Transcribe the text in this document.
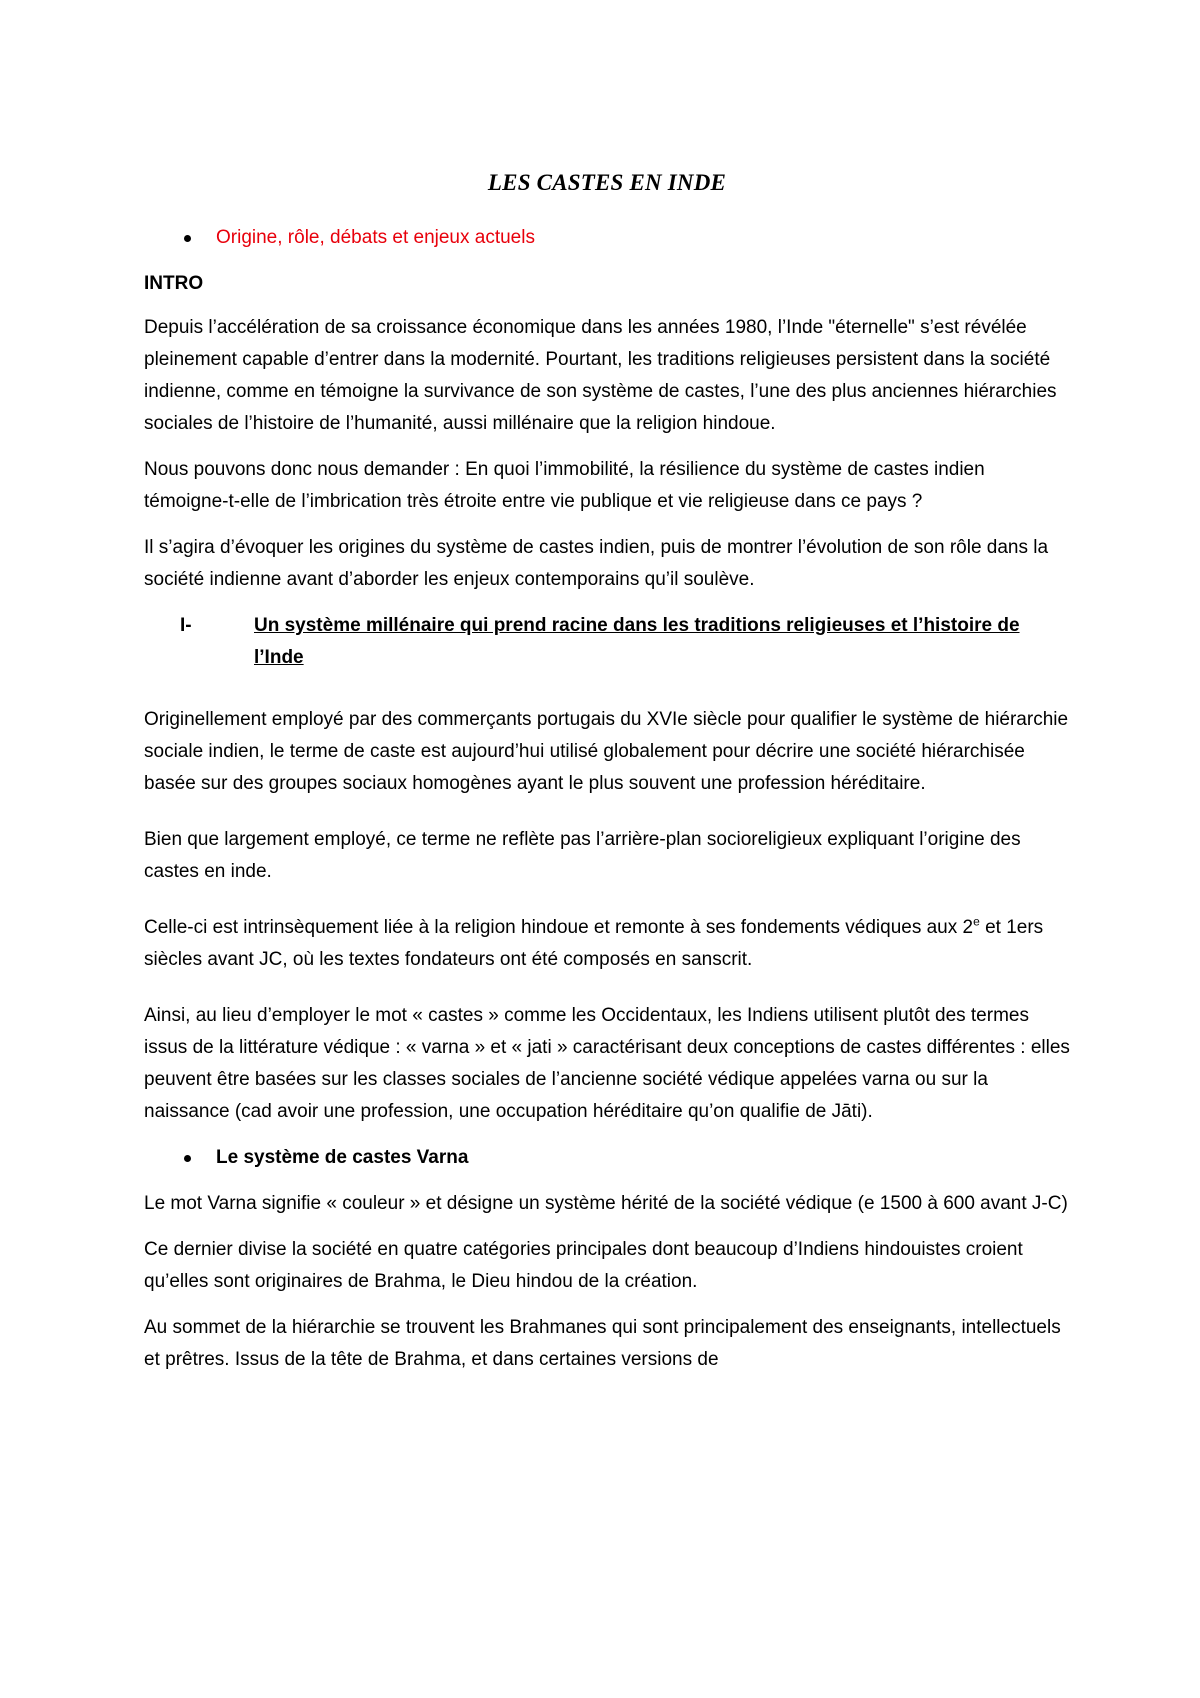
LES CASTES EN INDE
Origine, rôle, débats et enjeux actuels
INTRO

Depuis l’accélération de sa croissance économique dans les années 1980, l’Inde "éternelle" s’est révélée pleinement capable d’entrer dans la modernité. Pourtant, les traditions religieuses persistent dans la société indienne, comme en témoigne la survivance de son système de castes, l’une des plus anciennes hiérarchies sociales de l’histoire de l’humanité, aussi millénaire que la religion hindoue.

Nous pouvons donc nous demander : En quoi l’immobilité, la résilience du système de castes indien témoigne-t-elle de l’imbrication très étroite entre vie publique et vie religieuse dans ce pays ?

Il s’agira d’évoquer les origines du système de castes indien, puis de montrer l’évolution de son rôle dans la société indienne avant d’aborder les enjeux contemporains qu’il soulève.

I-	Un système millénaire qui prend racine dans les traditions religieuses et l’histoire de l’Inde

Originellement employé par des commerçants portugais du XVIe siècle pour qualifier le système de hiérarchie sociale indien, le terme de caste est aujourd’hui utilisé globalement pour décrire une société hiérarchisée basée sur des groupes sociaux homogènes ayant le plus souvent une profession héréditaire.

Bien que largement employé, ce terme ne reflète pas l’arrière-plan socioreligieux expliquant l’origine des castes en inde.

Celle-ci est intrinsèquement liée à la religion hindoue et remonte à ses fondements védiques aux 2e et 1ers siècles avant JC, où les textes fondateurs ont été composés en sanscrit.

Ainsi, au lieu d’employer le mot « castes » comme les Occidentaux, les Indiens utilisent plutôt des termes issus de la littérature védique : « varna » et « jati » caractérisant deux conceptions de castes différentes : elles peuvent être basées sur les classes sociales de l’ancienne société védique appelées varna ou sur la naissance (cad avoir une profession, une occupation héréditaire qu’on qualifie de Jāti).

Le système de castes Varna

Le mot Varna signifie « couleur » et désigne un système hérité de la société védique (e 1500 à 600 avant J-C)

Ce dernier divise la société en quatre catégories principales dont beaucoup d’Indiens hindouistes croient qu’elles sont originaires de Brahma, le Dieu hindou de la création.

Au sommet de la hiérarchie se trouvent les Brahmanes qui sont principalement des enseignants, intellectuels et prêtres. Issus de la tête de Brahma, et dans certaines versions de
